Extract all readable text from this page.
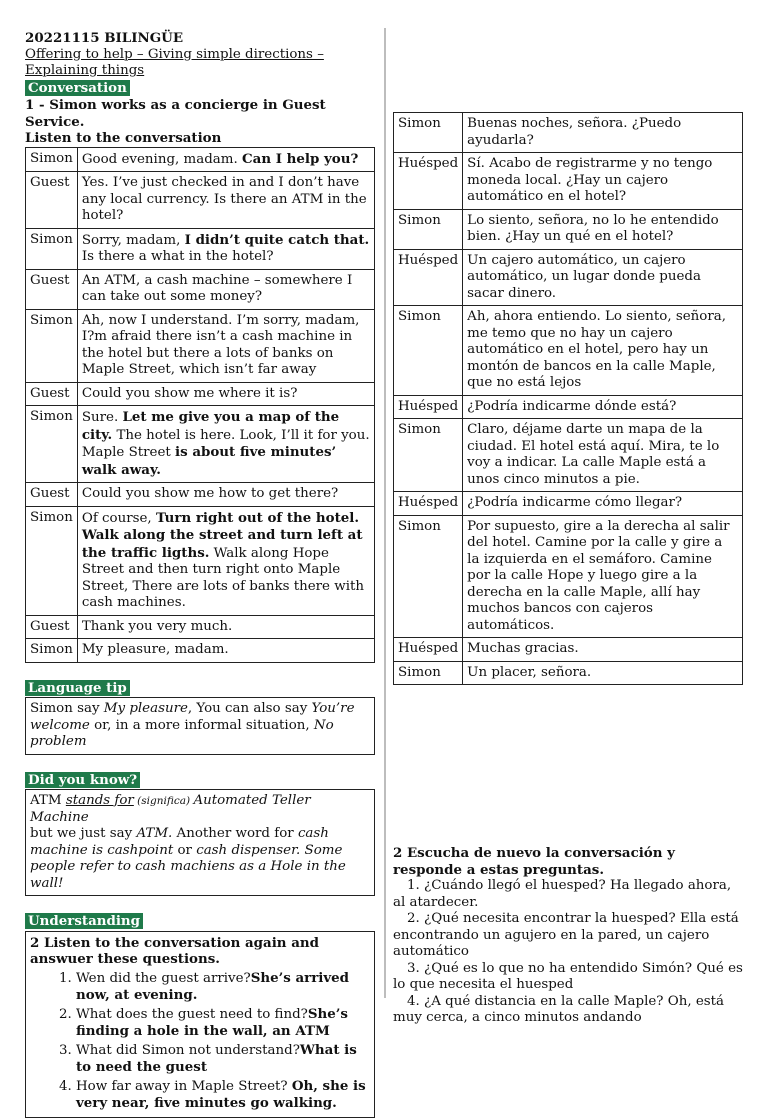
20221115 BILINGÜE
Offering to help – Giving simple directions –
Explaining things
Conversation
1 - Simon works as a concierge in Guest Service.
Listen to the conversation
Simon	Good evening, madam. Can I help you?
Guest	Yes. I’ve just checked in and I don’t have any local currency. Is there an ATM in the hotel?
Simon	Sorry, madam, I didn’t quite catch that. Is there a what in the hotel?
Guest	An ATM, a cash machine – somewhere I can take out some money?
Simon	Ah, now I understand. I’m sorry, madam, I?m afraid there isn’t a cash machine in the hotel but there a lots of banks on Maple Street, which isn’t far away
Guest	Could you show me where it is?
Simon	Sure. Let me give you a map of the city. The hotel is here. Look, I’ll it for you. Maple Street is about five minutes’ walk away.
Guest	Could you show me how to get there?
Simon	Of course, Turn right out of the hotel. Walk along the street and turn left at the traffic ligths. Walk along Hope Street and then turn right onto Maple Street, There are lots of banks there with cash machines.
Guest	Thank you very much.
Simon	My pleasure, madam.
Language tip
Simon say My pleasure, You can also say You’re welcome or, in a more informal situation, No problem
Did you know?
ATM stands for (significa) Automated Teller Machine
but we just say ATM. Another word for cash machine is cashpoint or cash dispenser. Some people refer to cash machiens as a Hole in the wall!
Understanding
2 Listen to the conversation again and answuer these questions.
1. Wen did the guest arrive?She’s arrived now, at evening.
2. What does the guest need to find?She’s finding a hole in the wall, an ATM
3. What did Simon not understand?What is to need the guest
4. How far away in Maple Street? Oh, she is very near, five minutes go walking.
Simon	Buenas noches, señora. ¿Puedo ayudarla?
Huésped	Sí. Acabo de registrarme y no tengo moneda local. ¿Hay un cajero automático en el hotel?
Simon	Lo siento, señora, no lo he entendido bien. ¿Hay un qué en el hotel?
Huésped	Un cajero automático, un cajero automático, un lugar donde pueda sacar dinero.
Simon	Ah, ahora entiendo. Lo siento, señora, me temo que no hay un cajero automático en el hotel, pero hay un montón de bancos en la calle Maple, que no está lejos
Huésped	¿Podría indicarme dónde está?
Simon	Claro, déjame darte un mapa de la ciudad. El hotel está aquí. Mira, te lo voy a indicar. La calle Maple está a unos cinco minutos a pie.
Huésped	¿Podría indicarme cómo llegar?
Simon	Por supuesto, gire a la derecha al salir del hotel. Camine por la calle y gire a la izquierda en el semáforo. Camine por la calle Hope y luego gire a la derecha en la calle Maple, allí hay muchos bancos con cajeros automáticos.
Huésped	Muchas gracias.
Simon	Un placer, señora.
2 Escucha de nuevo la conversación y responde a estas preguntas.

1. ¿Cuándo llegó el huesped? Ha llegado ahora, al atardecer.

2. ¿Qué necesita encontrar la huesped? Ella está encontrando un agujero en la pared, un cajero automático

3. ¿Qué es lo que no ha entendido Simón? Qué es lo que necesita el huesped

4. ¿A qué distancia en la calle Maple? Oh, está muy cerca, a cinco minutos andando
